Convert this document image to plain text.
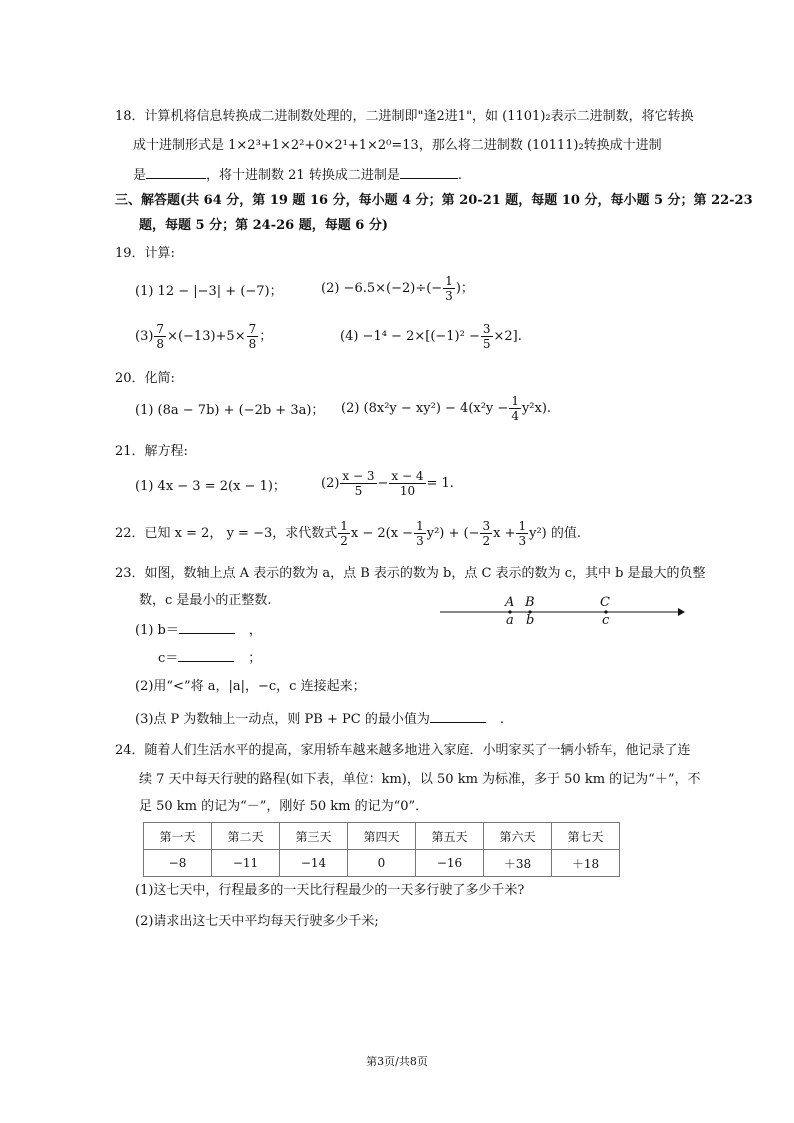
18．计算机将信息转换成二进制数处理的，二进制即"逢2进1"，如 (1101)₂表示二进制数，将它转换
成十进制形式是 1×2³+1×2²+0×2¹+1×2⁰=13，那么将二进制数 (10111)₂转换成十进制
是	，将十进制数 21 转换成二进制是	.
三、解答题(共 64 分，第 19 题 16 分，每小题 4 分；第 20-21 题，每题 10 分，每小题 5 分；第 22-23
题，每题 5 分；第 24-26 题，每题 6 分)
19．计算:
(1) 12 − |−3| + (−7)；	$(2) -6.5\times(-2)\div(- \frac{1}{3}$ )；
$(3) \frac{7}{8} \times(-13)+5\times \frac{7}{8}$ ；	$(4) -1^4 - 2\times[(-1)^2 - \frac{3}{5} \times 2]$.
20．化简:
(1) (8a − 7b) + (−2b + 3a)； (2) $(8x^2y - xy^2) - 4(x^2y - \frac{1}{4} y^2x)$.
21．解方程:
(1) 4x − 3 = 2(x − 1)；	$(2) \frac{x - 3}{5} - \frac{x - 4}{10} = 1$.
22．已知 x = 2， y = −3，求代数式 $\frac{1}{2}$ $x - 2(x - \frac{1}{3} y^2)$ + (− $\frac{3}{2}$ $x + \frac{1}{3} y^2$) 的值.
23．如图，数轴上点 A 表示的数为 a，点 B 表示的数为 b，点 C 表示的数为 c，其中 b 是最大的负整
数，c 是最小的正整数.	A B	C
a b	c
(1) b＝	，
c＝	；
(2)用“<”将 a，|a|，−c，c 连接起来；
(3)点 P 为数轴上一动点，则 PB + PC 的最小值为	.
24．随着人们生活水平的提高，家用轿车越来越多地进入家庭．小明家买了一辆小轿车，他记录了连
续 7 天中每天行驶的路程(如下表，单位：km)，以 50 km 为标准，多于 50 km 的记为“＋”，不
足 50 km 的记为“－”，刚好 50 km 的记为“0”．
第一天	第二天	第三天	第四天	第五天	第六天	第七天
−8	−11	−14	0	−16	＋38	＋18
(1)这七天中，行程最多的一天比行程最少的一天多行驶了多少千米?
(2)请求出这七天中平均每天行驶多少千米;
第3页/共8页
